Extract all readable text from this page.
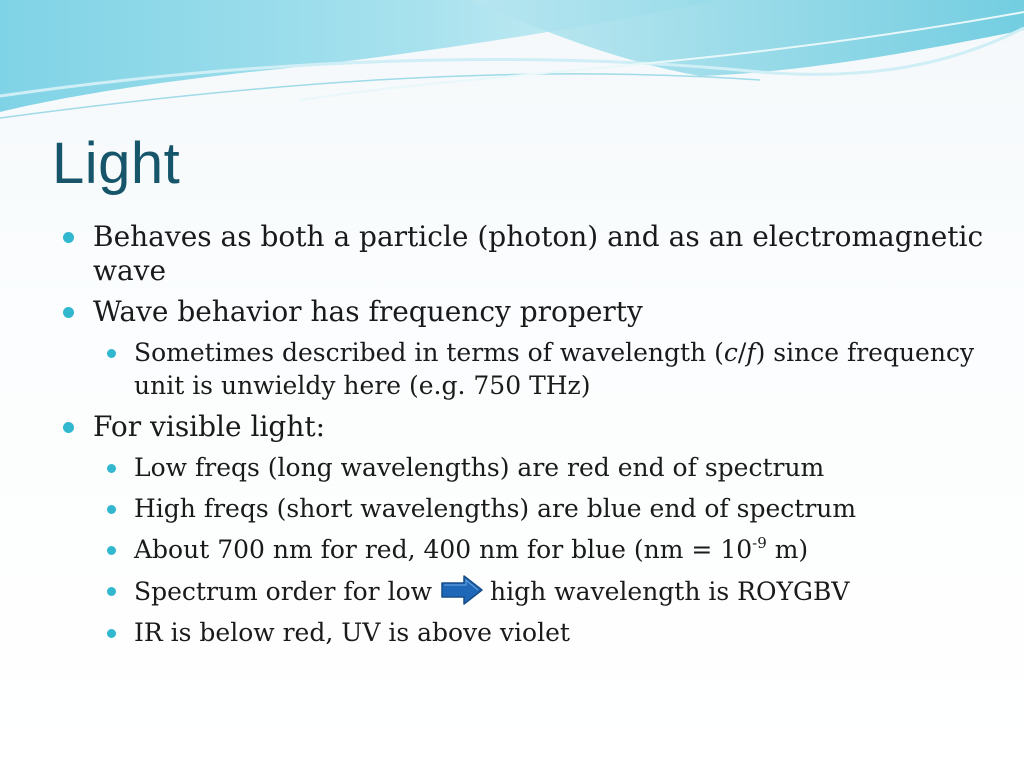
Light
Behaves as both a particle (photon) and as an electromagnetic wave
Wave behavior has frequency property
Sometimes described in terms of wavelength (c/f) since frequency unit is unwieldy here (e.g. 750 THz)
For visible light:
Low freqs (long wavelengths) are red end of spectrum
High freqs (short wavelengths) are blue end of spectrum
About 700 nm for red, 400 nm for blue ($nm = 10^{-9}$ m)
Spectrum order for low high wavelength is ROYGBV
IR is below red, UV is above violet
